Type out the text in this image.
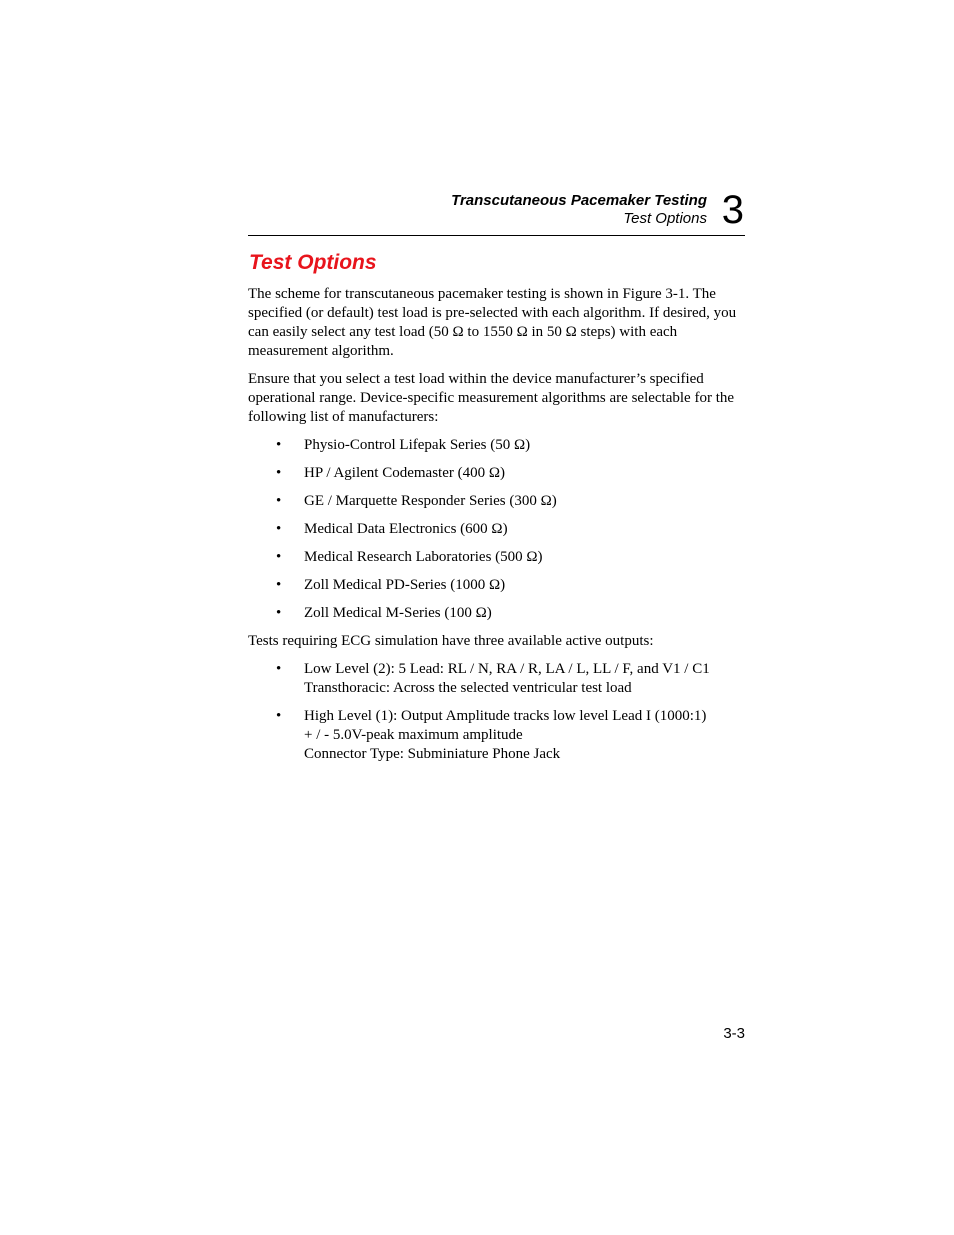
Transcutaneous Pacemaker Testing
Test Options 3
Test Options

The scheme for transcutaneous pacemaker testing is shown in Figure 3-1. The specified (or default) test load is pre-selected with each algorithm. If desired, you can easily select any test load (50 Ω to 1550 Ω in 50 Ω steps) with each measurement algorithm.

Ensure that you select a test load within the device manufacturer’s specified operational range. Device-specific measurement algorithms are selectable for the following list of manufacturers:

• Physio-Control Lifepak Series (50 Ω)
• HP / Agilent Codemaster (400 Ω)
• GE / Marquette Responder Series (300 Ω)
• Medical Data Electronics (600 Ω)
• Medical Research Laboratories (500 Ω)
• Zoll Medical PD-Series (1000 Ω)
• Zoll Medical M-Series (100 Ω)

Tests requiring ECG simulation have three available active outputs:

• Low Level (2): 5 Lead: RL / N, RA / R, LA / L, LL / F, and V1 / C1
Transthoracic: Across the selected ventricular test load
• High Level (1): Output Amplitude tracks low level Lead I (1000:1)
+ / - 5.0V-peak maximum amplitude
Connector Type: Subminiature Phone Jack
3-3
